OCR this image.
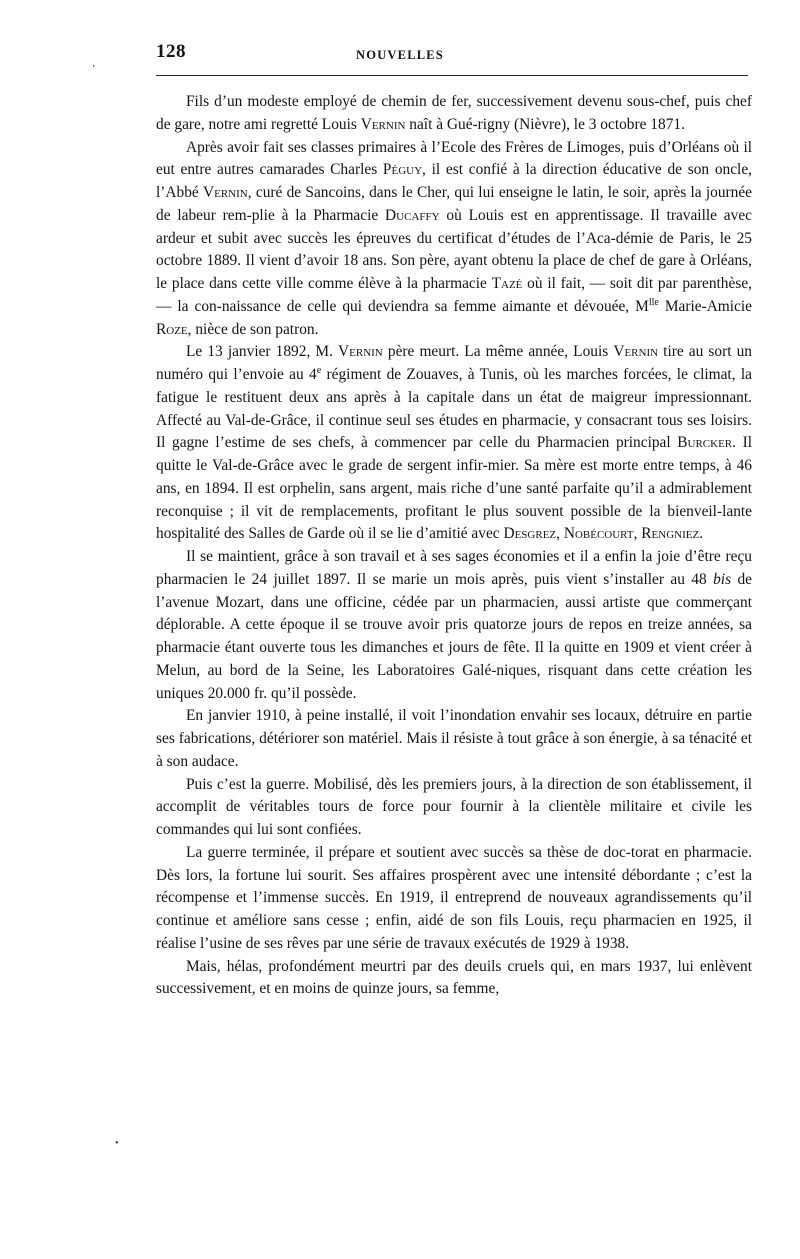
128	NOUVELLES

Fils d’un modeste employé de chemin de fer, successivement devenu sous-chef, puis chef de gare, notre ami regretté Louis Vernin naît à Gué-rigny (Nièvre), le 3 octobre 1871.

Après avoir fait ses classes primaires à l’Ecole des Frères de Limoges, puis d’Orléans où il eut entre autres camarades Charles Péguy, il est confié à la direction éducative de son oncle, l’Abbé Vernin, curé de Sancoins, dans le Cher, qui lui enseigne le latin, le soir, après la journée de labeur rem-plie à la Pharmacie Ducaffy où Louis est en apprentissage. Il travaille avec ardeur et subit avec succès les épreuves du certificat d’études de l’Aca-démie de Paris, le 25 octobre 1889. Il vient d’avoir 18 ans. Son père, ayant obtenu la place de chef de gare à Orléans, le place dans cette ville comme élève à la pharmacie Tazé où il fait, — soit dit par parenthèse, — la con-naissance de celle qui deviendra sa femme aimante et dévouée, $M^{lle}$ Marie-Amicie Roze, nièce de son patron.

Le 13 janvier 1892, M. Vernin père meurt. La même année, Louis Vernin tire au sort un numéro qui l’envoie au 4e régiment de Zouaves, à Tunis, où les marches forcées, le climat, la fatigue le restituent deux ans après à la capitale dans un état de maigreur impressionnant. Affecté au Val-de-Grâce, il continue seul ses études en pharmacie, y consacrant tous ses loisirs. Il gagne l’estime de ses chefs, à commencer par celle du Pharmacien principal Burcker. Il quitte le Val-de-Grâce avec le grade de sergent infir-mier. Sa mère est morte entre temps, à 46 ans, en 1894. Il est orphelin, sans argent, mais riche d’une santé parfaite qu’il a admirablement reconquise ; il vit de remplacements, profitant le plus souvent possible de la bienveil-lante hospitalité des Salles de Garde où il se lie d’amitié avec Desgrez, Nobécourt, Rengniez.

Il se maintient, grâce à son travail et à ses sages économies et il a enfin la joie d’être reçu pharmacien le 24 juillet 1897. Il se marie un mois après, puis vient s’installer au 48 bis de l’avenue Mozart, dans une officine, cédée par un pharmacien, aussi artiste que commerçant déplorable. A cette époque il se trouve avoir pris quatorze jours de repos en treize années, sa pharmacie étant ouverte tous les dimanches et jours de fête. Il la quitte en 1909 et vient créer à Melun, au bord de la Seine, les Laboratoires Galé-niques, risquant dans cette création les uniques 20.000 fr. qu’il possède.

En janvier 1910, à peine installé, il voit l’inondation envahir ses locaux, détruire en partie ses fabrications, détériorer son matériel. Mais il résiste à tout grâce à son énergie, à sa ténacité et à son audace.

Puis c’est la guerre. Mobilisé, dès les premiers jours, à la direction de son établissement, il accomplit de véritables tours de force pour fournir à la clientèle militaire et civile les commandes qui lui sont confiées.

La guerre terminée, il prépare et soutient avec succès sa thèse de doc-torat en pharmacie. Dès lors, la fortune lui sourit. Ses affaires prospèrent avec une intensité débordante ; c’est la récompense et l’immense succès. En 1919, il entreprend de nouveaux agrandissements qu’il continue et améliore sans cesse ; enfin, aidé de son fils Louis, reçu pharmacien en 1925, il réalise l’usine de ses rêves par une série de travaux exécutés de 1929 à 1938.

Mais, hélas, profondément meurtri par des deuils cruels qui, en mars 1937, lui enlèvent successivement, et en moins de quinze jours, sa femme,

’
•
